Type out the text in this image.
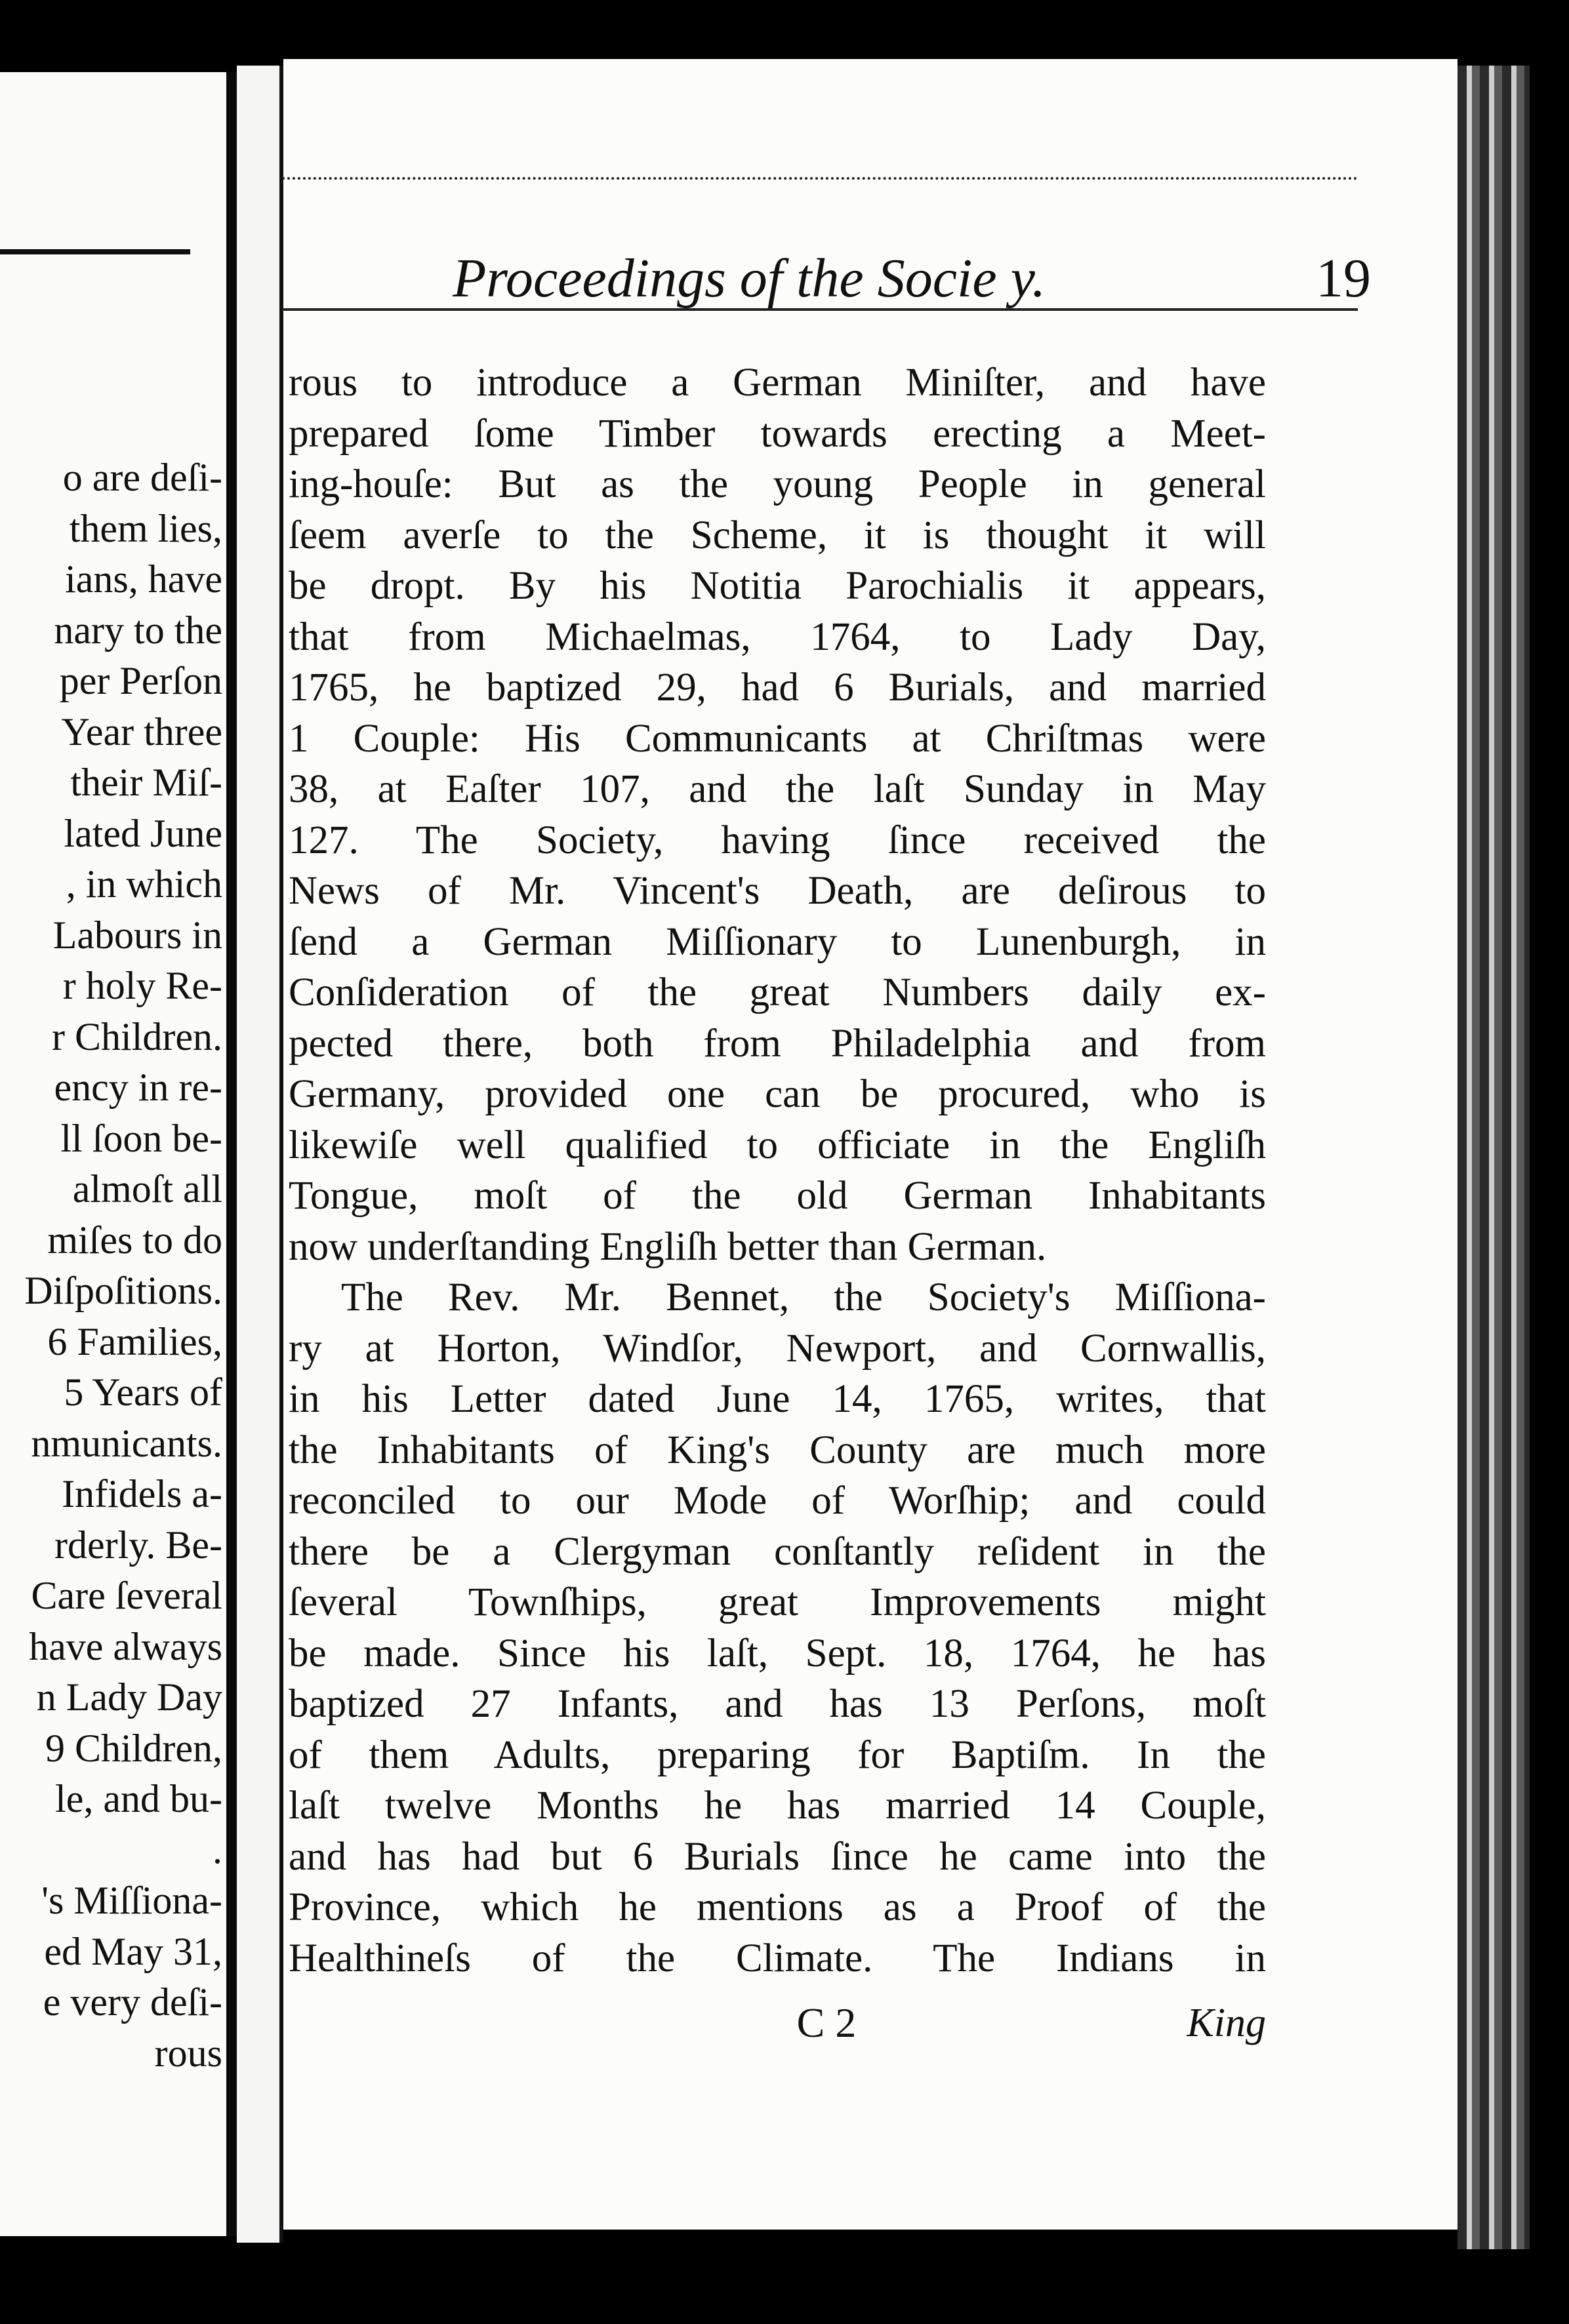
o are deſi-
them lies,
ians, have
nary to the
per Perſon
Year three
their Miſ-
lated June
, in which
Labours in
r holy Re-
r Children.
ency in re-
ll ſoon be-
almoſt all
miſes to do
Diſpoſitions.
6 Families,
5 Years of
nmunicants.
Infidels a-
rderly. Be-
Care ſeveral
have always
n Lady Day
9 Children,
le, and bu-
.
's Miſſiona-
ed May 31,
e very deſi-
rous
Proceedings of the Socie y.	19
rous to introduce a German Miniſter, and have
prepared ſome Timber towards erecting a Meet-
ing-houſe: But as the young People in general
ſeem averſe to the Scheme, it is thought it will
be dropt. By his Notitia Parochialis it appears,
that from Michaelmas, 1764, to Lady Day,
1765, he baptized 29, had 6 Burials, and married
1 Couple: His Communicants at Chriſtmas were
38, at Eaſter 107, and the laſt Sunday in May
127. The Society, having ſince received the
News of Mr. Vincent's Death, are deſirous to
ſend a German Miſſionary to Lunenburgh, in
Conſideration of the great Numbers daily ex-
pected there, both from Philadelphia and from
Germany, provided one can be procured, who is
likewiſe well qualified to officiate in the Engliſh
Tongue, moſt of the old German Inhabitants
now underſtanding Engliſh better than German.
The Rev. Mr. Bennet, the Society's Miſſiona-
ry at Horton, Windſor, Newport, and Cornwallis,
in his Letter dated June 14, 1765, writes, that
the Inhabitants of King's County are much more
reconciled to our Mode of Worſhip; and could
there be a Clergyman conſtantly reſident in the
ſeveral Townſhips, great Improvements might
be made. Since his laſt, Sept. 18, 1764, he has
baptized 27 Infants, and has 13 Perſons, moſt
of them Adults, preparing for Baptiſm. In the
laſt twelve Months he has married 14 Couple,
and has had but 6 Burials ſince he came into the
Province, which he mentions as a Proof of the
Healthineſs of the Climate. The Indians in
C 2	King
